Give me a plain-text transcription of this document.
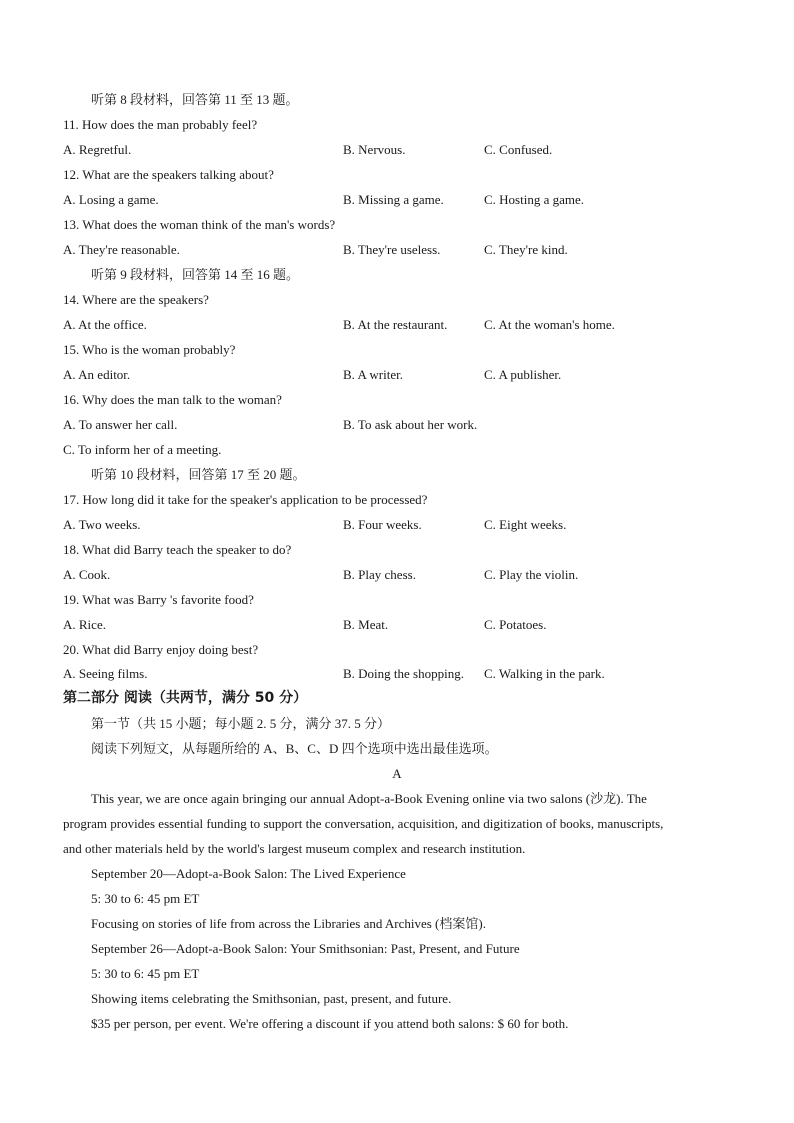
听第 8 段材料，回答第 11 至 13 题。
11. How does the man probably feel?
A. Regretful.	B. Nervous.	C. Confused.
12. What are the speakers talking about?
A. Losing a game.	B. Missing a game.	C. Hosting a game.
13. What does the woman think of the man's words?
A. They're reasonable.	B. They're useless.	C. They're kind.
听第 9 段材料，回答第 14 至 16 题。
14. Where are the speakers?
A. At the office.	B. At the restaurant.	C. At the woman's home.
15. Who is the woman probably?
A. An editor.	B. A writer.	C. A publisher.
16. Why does the man talk to the woman?
A. To answer her call.	B. To ask about her work.
C. To inform her of a meeting.
听第 10 段材料，回答第 17 至 20 题。
17. How long did it take for the speaker's application to be processed?
A. Two weeks.	B. Four weeks.	C. Eight weeks.
18. What did Barry teach the speaker to do?
A. Cook.	B. Play chess.	C. Play the violin.
19. What was Barry 's favorite food?
A. Rice.	B. Meat.	C. Potatoes.
20. What did Barry enjoy doing best?
A. Seeing films.	B. Doing the shopping. C. Walking in the park.
第二部分 阅读（共两节，满分 50 分）
第一节（共 15 小题；每小题 2. 5 分，满分 37. 5 分）
阅读下列短文，从每题所给的 A、B、C、D 四个选项中选出最佳选项。
A
This year, we are once again bringing our annual Adopt-a-Book Evening online via two salons (沙龙). The
program provides essential funding to support the conversation, acquisition, and digitization of books, manuscripts,
and other materials held by the world's largest museum complex and research institution.
September 20—Adopt-a-Book Salon: The Lived Experience
5: 30 to 6: 45 pm ET
Focusing on stories of life from across the Libraries and Archives (档案馆).
September 26—Adopt-a-Book Salon: Your Smithsonian: Past, Present, and Future
5: 30 to 6: 45 pm ET
Showing items celebrating the Smithsonian, past, present, and future.
$35 per person, per event. We're offering a discount if you attend both salons: $ 60 for both.
